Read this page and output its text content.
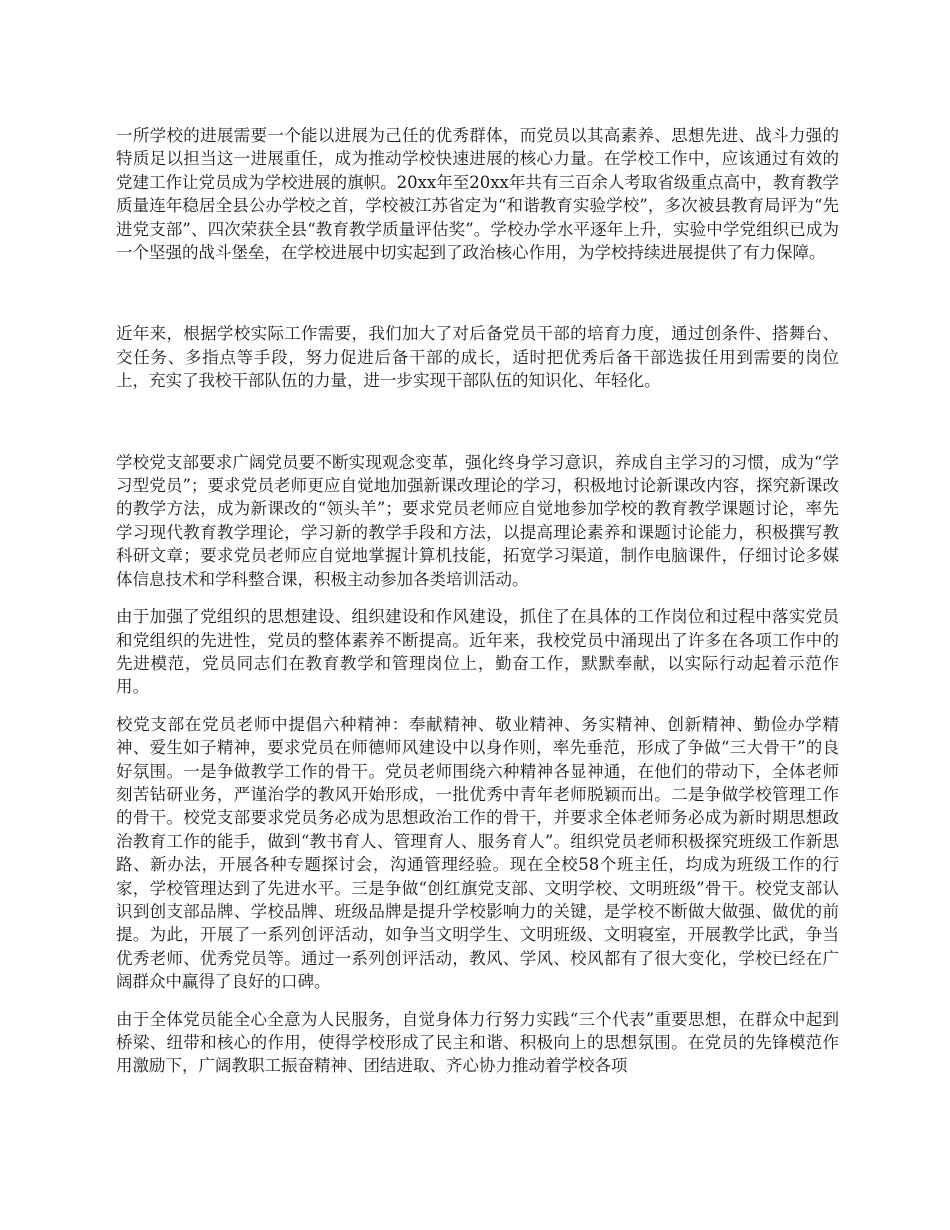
一所学校的进展需要一个能以进展为己任的优秀群体，而党员以其高素养、思想先进、战斗力强的特质足以担当这一进展重任，成为推动学校快速进展的核心力量。在学校工作中，应该通过有效的党建工作让党员成为学校进展的旗帜。20xx年至20xx年共有三百余人考取省级重点高中，教育教学质量连年稳居全县公办学校之首，学校被江苏省定为“和谐教育实验学校”，多次被县教育局评为“先进党支部”、四次荣获全县“教育教学质量评估奖”。学校办学水平逐年上升，实验中学党组织已成为一个坚强的战斗堡垒，在学校进展中切实起到了政治核心作用，为学校持续进展提供了有力保障。

近年来，根据学校实际工作需要，我们加大了对后备党员干部的培育力度，通过创条件、搭舞台、交任务、多指点等手段，努力促进后备干部的成长，适时把优秀后备干部选拔任用到需要的岗位上，充实了我校干部队伍的力量，进一步实现干部队伍的知识化、年轻化。

学校党支部要求广阔党员要不断实现观念变革，强化终身学习意识，养成自主学习的习惯，成为“学习型党员”；要求党员老师更应自觉地加强新课改理论的学习，积极地讨论新课改内容，探究新课改的教学方法，成为新课改的“领头羊”；要求党员老师应自觉地参加学校的教育教学课题讨论，率先学习现代教育教学理论，学习新的教学手段和方法，以提高理论素养和课题讨论能力，积极撰写教科研文章；要求党员老师应自觉地掌握计算机技能，拓宽学习渠道，制作电脑课件，仔细讨论多媒体信息技术和学科整合课，积极主动参加各类培训活动。

由于加强了党组织的思想建设、组织建设和作风建设，抓住了在具体的工作岗位和过程中落实党员和党组织的先进性，党员的整体素养不断提高。近年来，我校党员中涌现出了许多在各项工作中的先进模范，党员同志们在教育教学和管理岗位上，勤奋工作，默默奉献，以实际行动起着示范作用。

校党支部在党员老师中提倡六种精神：奉献精神、敬业精神、务实精神、创新精神、勤俭办学精神、爱生如子精神，要求党员在师德师风建设中以身作则，率先垂范，形成了争做“三大骨干”的良好氛围。一是争做教学工作的骨干。党员老师围绕六种精神各显神通，在他们的带动下，全体老师刻苦钻研业务，严谨治学的教风开始形成，一批优秀中青年老师脱颖而出。二是争做学校管理工作的骨干。校党支部要求党员务必成为思想政治工作的骨干，并要求全体老师务必成为新时期思想政治教育工作的能手，做到“教书育人、管理育人、服务育人”。组织党员老师积极探究班级工作新思路、新办法，开展各种专题探讨会，沟通管理经验。现在全校58个班主任，均成为班级工作的行家，学校管理达到了先进水平。三是争做“创红旗党支部、文明学校、文明班级”骨干。校党支部认识到创支部品牌、学校品牌、班级品牌是提升学校影响力的关键，是学校不断做大做强、做优的前提。为此，开展了一系列创评活动，如争当文明学生、文明班级、文明寝室，开展教学比武，争当优秀老师、优秀党员等。通过一系列创评活动，教风、学风、校风都有了很大变化，学校已经在广阔群众中赢得了良好的口碑。

由于全体党员能全心全意为人民服务，自觉身体力行努力实践“三个代表”重要思想，在群众中起到桥梁、纽带和核心的作用，使得学校形成了民主和谐、积极向上的思想氛围。在党员的先锋模范作用激励下，广阔教职工振奋精神、团结进取、齐心协力推动着学校各项
